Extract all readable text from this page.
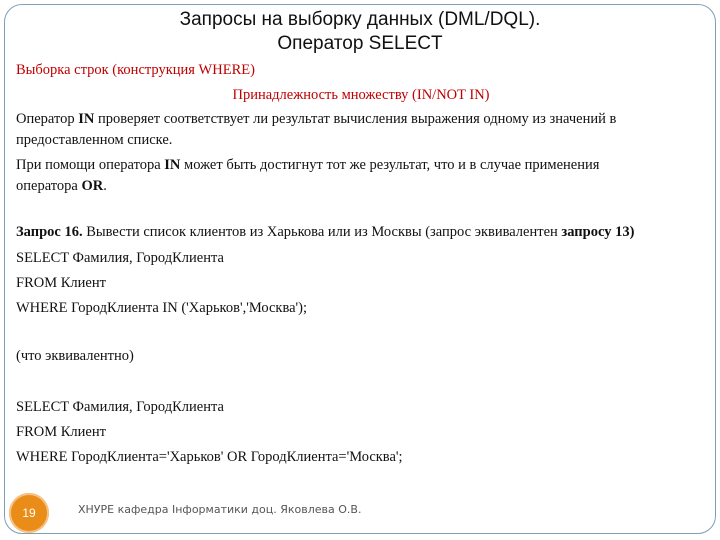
Запросы на выборку данных (DML/DQL).
Оператор SELECT
Выборка строк (конструкция WHERE)
Принадлежность множеству (IN/NOT IN)
Оператор IN проверяет соответствует ли результат вычисления выражения одному из значений в
предоставленном списке.
При помощи оператора IN может быть достигнут тот же результат, что и в случае применения
оператора OR.
Запрос 16. Вывести список клиентов из Харькова или из Москвы (запрос эквивалентен запросу 13)
SELECT Фамилия, ГородКлиента
FROM Клиент
WHERE ГородКлиента IN ('Харьков','Москва');
(что эквивалентно)
SELECT Фамилия, ГородКлиента
FROM Клиент
WHERE ГородКлиента='Харьков' OR ГородКлиента='Москва';
19	ХНУРЕ кафедра Інформатики доц. Яковлева О.В.
